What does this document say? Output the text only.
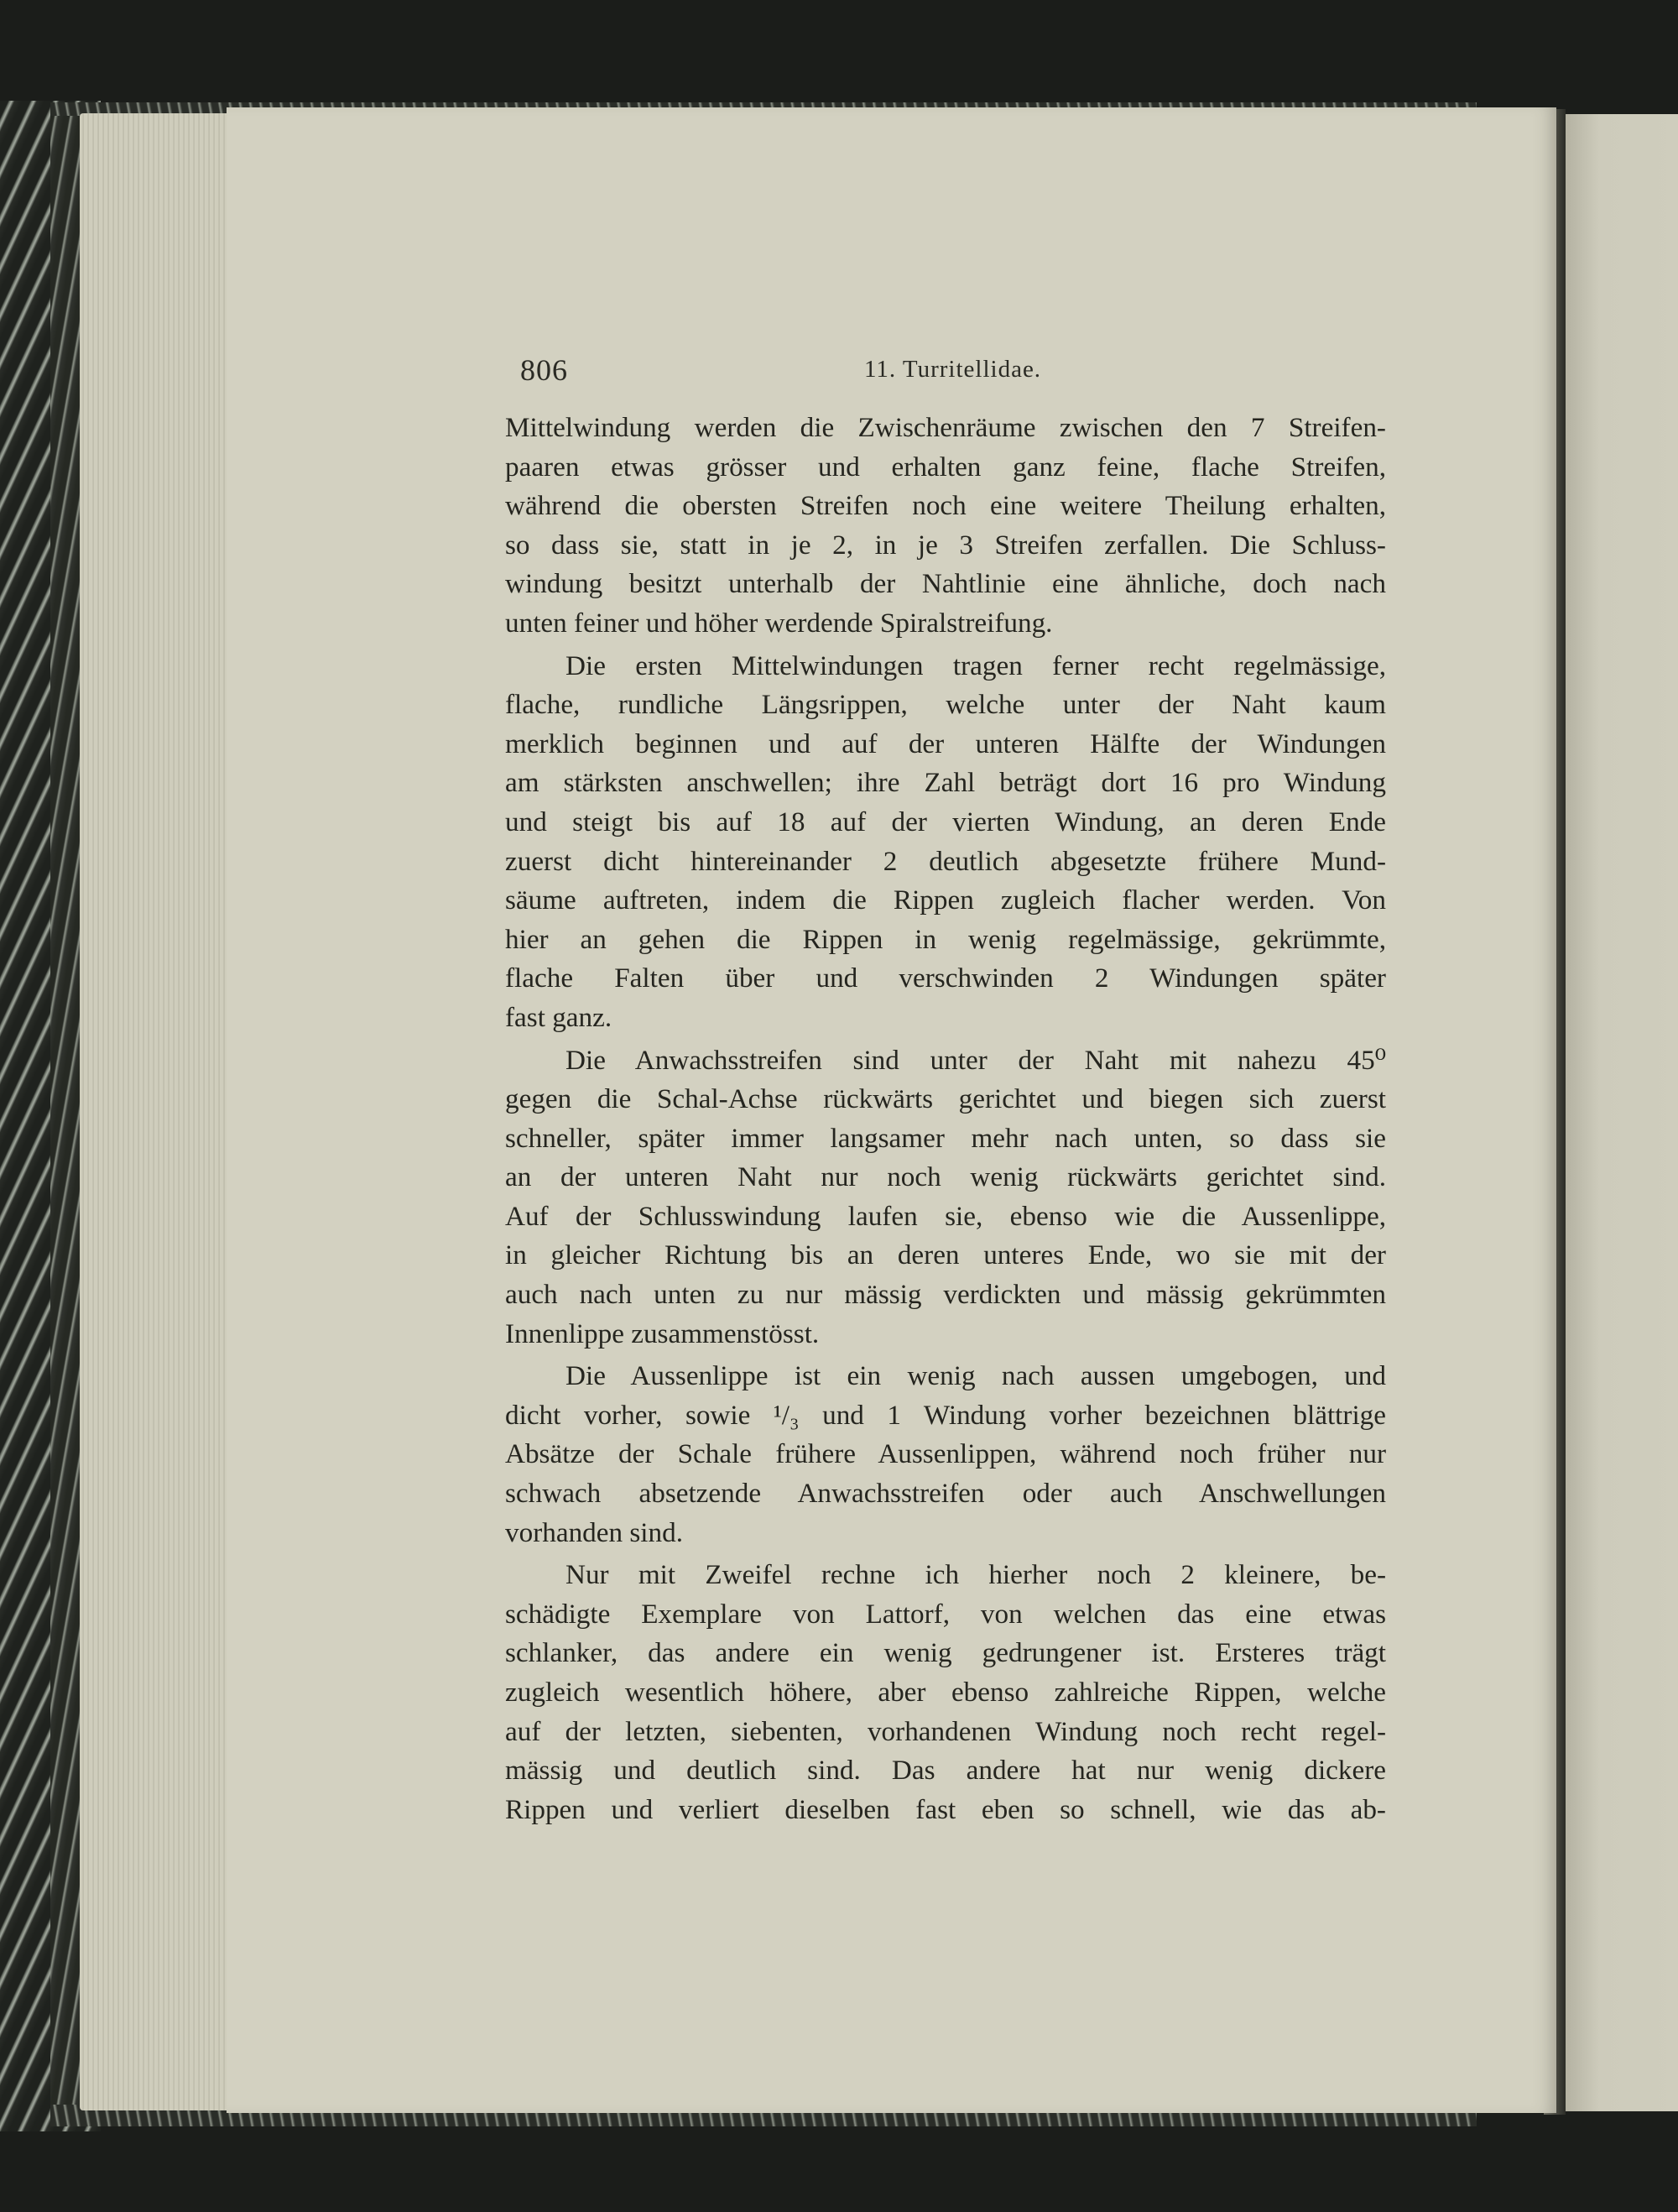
806	11. Turritellidae.
Mittelwindung werden die Zwischenräume zwischen den 7 Streifen-
paaren etwas grösser und erhalten ganz feine, flache Streifen,
während die obersten Streifen noch eine weitere Theilung erhalten,
so dass sie, statt in je 2, in je 3 Streifen zerfallen. Die Schluss-
windung besitzt unterhalb der Nahtlinie eine ähnliche, doch nach
unten feiner und höher werdende Spiralstreifung.
Die ersten Mittelwindungen tragen ferner recht regelmässige,
flache, rundliche Längsrippen, welche unter der Naht kaum
merklich beginnen und auf der unteren Hälfte der Windungen
am stärksten anschwellen; ihre Zahl beträgt dort 16 pro Windung
und steigt bis auf 18 auf der vierten Windung, an deren Ende
zuerst dicht hintereinander 2 deutlich abgesetzte frühere Mund-
säume auftreten, indem die Rippen zugleich flacher werden. Von
hier an gehen die Rippen in wenig regelmässige, gekrümmte,
flache Falten über und verschwinden 2 Windungen später
fast ganz.
Die Anwachsstreifen sind unter der Naht mit nahezu 45⁰
gegen die Schal-Achse rückwärts gerichtet und biegen sich zuerst
schneller, später immer langsamer mehr nach unten, so dass sie
an der unteren Naht nur noch wenig rückwärts gerichtet sind.
Auf der Schlusswindung laufen sie, ebenso wie die Aussenlippe,
in gleicher Richtung bis an deren unteres Ende, wo sie mit der
auch nach unten zu nur mässig verdickten und mässig gekrümmten
Innenlippe zusammenstösst.
Die Aussenlippe ist ein wenig nach aussen umgebogen, und
dicht vorher, sowie ¹/₃ und 1 Windung vorher bezeichnen blättrige
Absätze der Schale frühere Aussenlippen, während noch früher nur
schwach absetzende Anwachsstreifen oder auch Anschwellungen
vorhanden sind.
Nur mit Zweifel rechne ich hierher noch 2 kleinere, be-
schädigte Exemplare von Lattorf, von welchen das eine etwas
schlanker, das andere ein wenig gedrungener ist. Ersteres trägt
zugleich wesentlich höhere, aber ebenso zahlreiche Rippen, welche
auf der letzten, siebenten, vorhandenen Windung noch recht regel-
mässig und deutlich sind. Das andere hat nur wenig dickere
Rippen und verliert dieselben fast eben so schnell, wie das ab-
